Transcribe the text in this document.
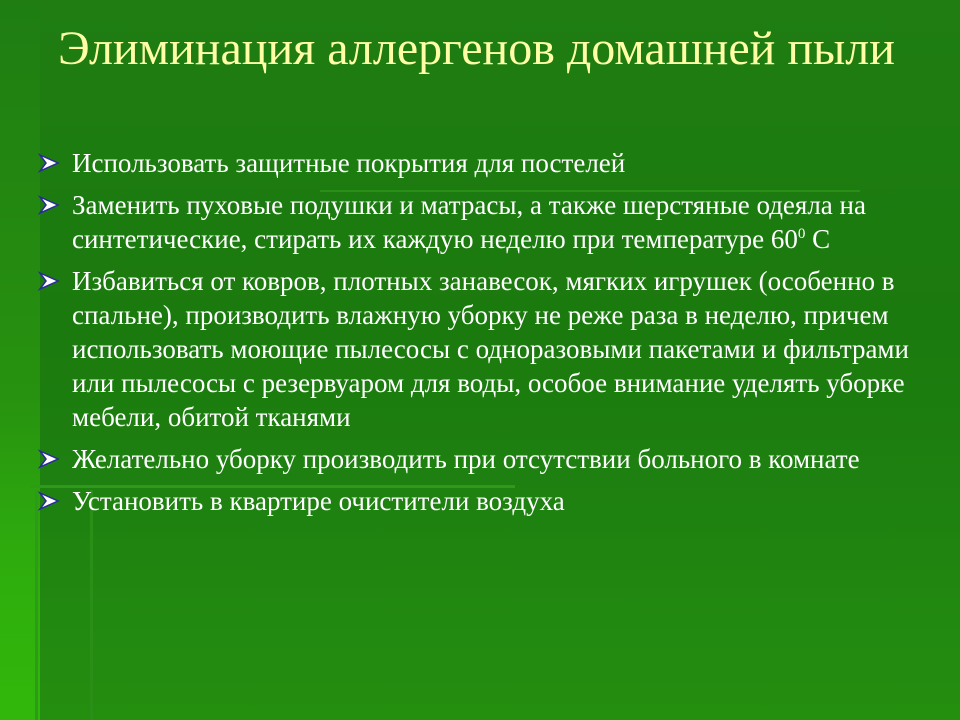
Элиминация аллергенов домашней пыли
Использовать защитные покрытия для постелей
Заменить пуховые подушки и матрасы, а также шерстяные одеяла на синтетические, стирать их каждую неделю при температуре $60^0$ С
Избавиться от ковров, плотных занавесок, мягких игрушек (особенно в спальне), производить влажную уборку не реже раза в неделю, причем использовать моющие пылесосы с одноразовыми пакетами и фильтрами или пылесосы с резервуаром для воды, особое внимание уделять уборке мебели, обитой тканями
Желательно уборку производить при отсутствии больного в комнате
Установить в квартире очистители воздуха
